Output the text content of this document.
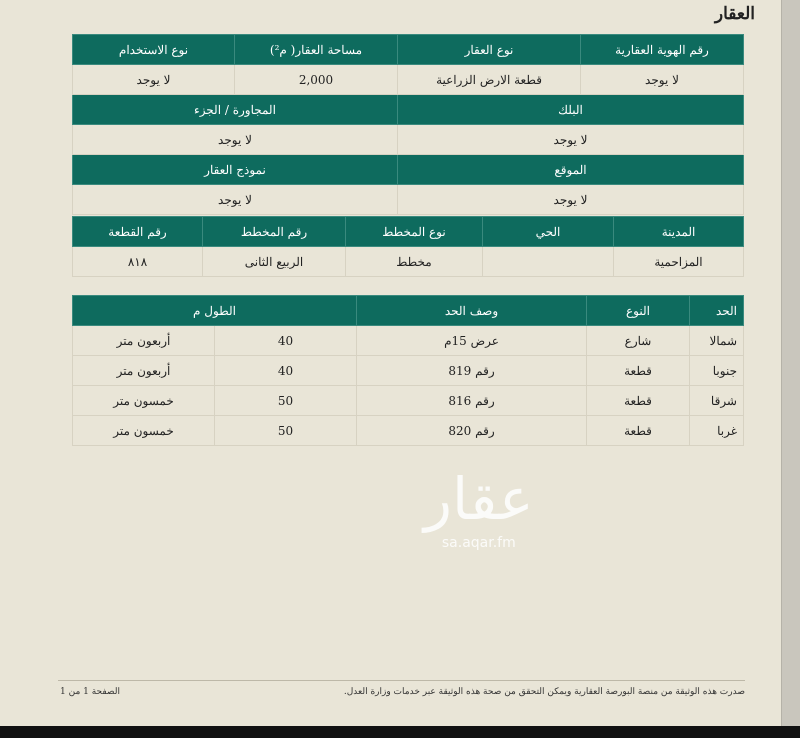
العقار
رقم الهوية العقارية	نوع العقار	مساحة العقار( م²)	نوع الاستخدام
لا يوجد	قطعة الارض الزراعية	2,000	لا يوجد
البلك		المجاورة / الجزء	
لا يوجد		لا يوجد	
الموقع		نموذج العقار	
لا يوجد		لا يوجد	
المدينة	الحي	نوع المخطط	رقم المخطط	رقم القطعة
المزاحمية		مخطط	الربيع الثانى	٨١٨
الحد	النوع	وصف الحد	الطول م	
شمالا	شارع	عرض 15م	40	أربعون متر
جنوبا	قطعة	رقم 819	40	أربعون متر
شرقا	قطعة	رقم 816	50	خمسون متر
غربا	قطعة	رقم 820	50	خمسون متر
عقار
sa.aqar.fm
صدرت هذه الوثيقة من منصة البورصة العقارية ويمكن التحقق من صحة هذه الوثيقة عبر خدمات وزارة العدل.
الصفحة 1 من 1
